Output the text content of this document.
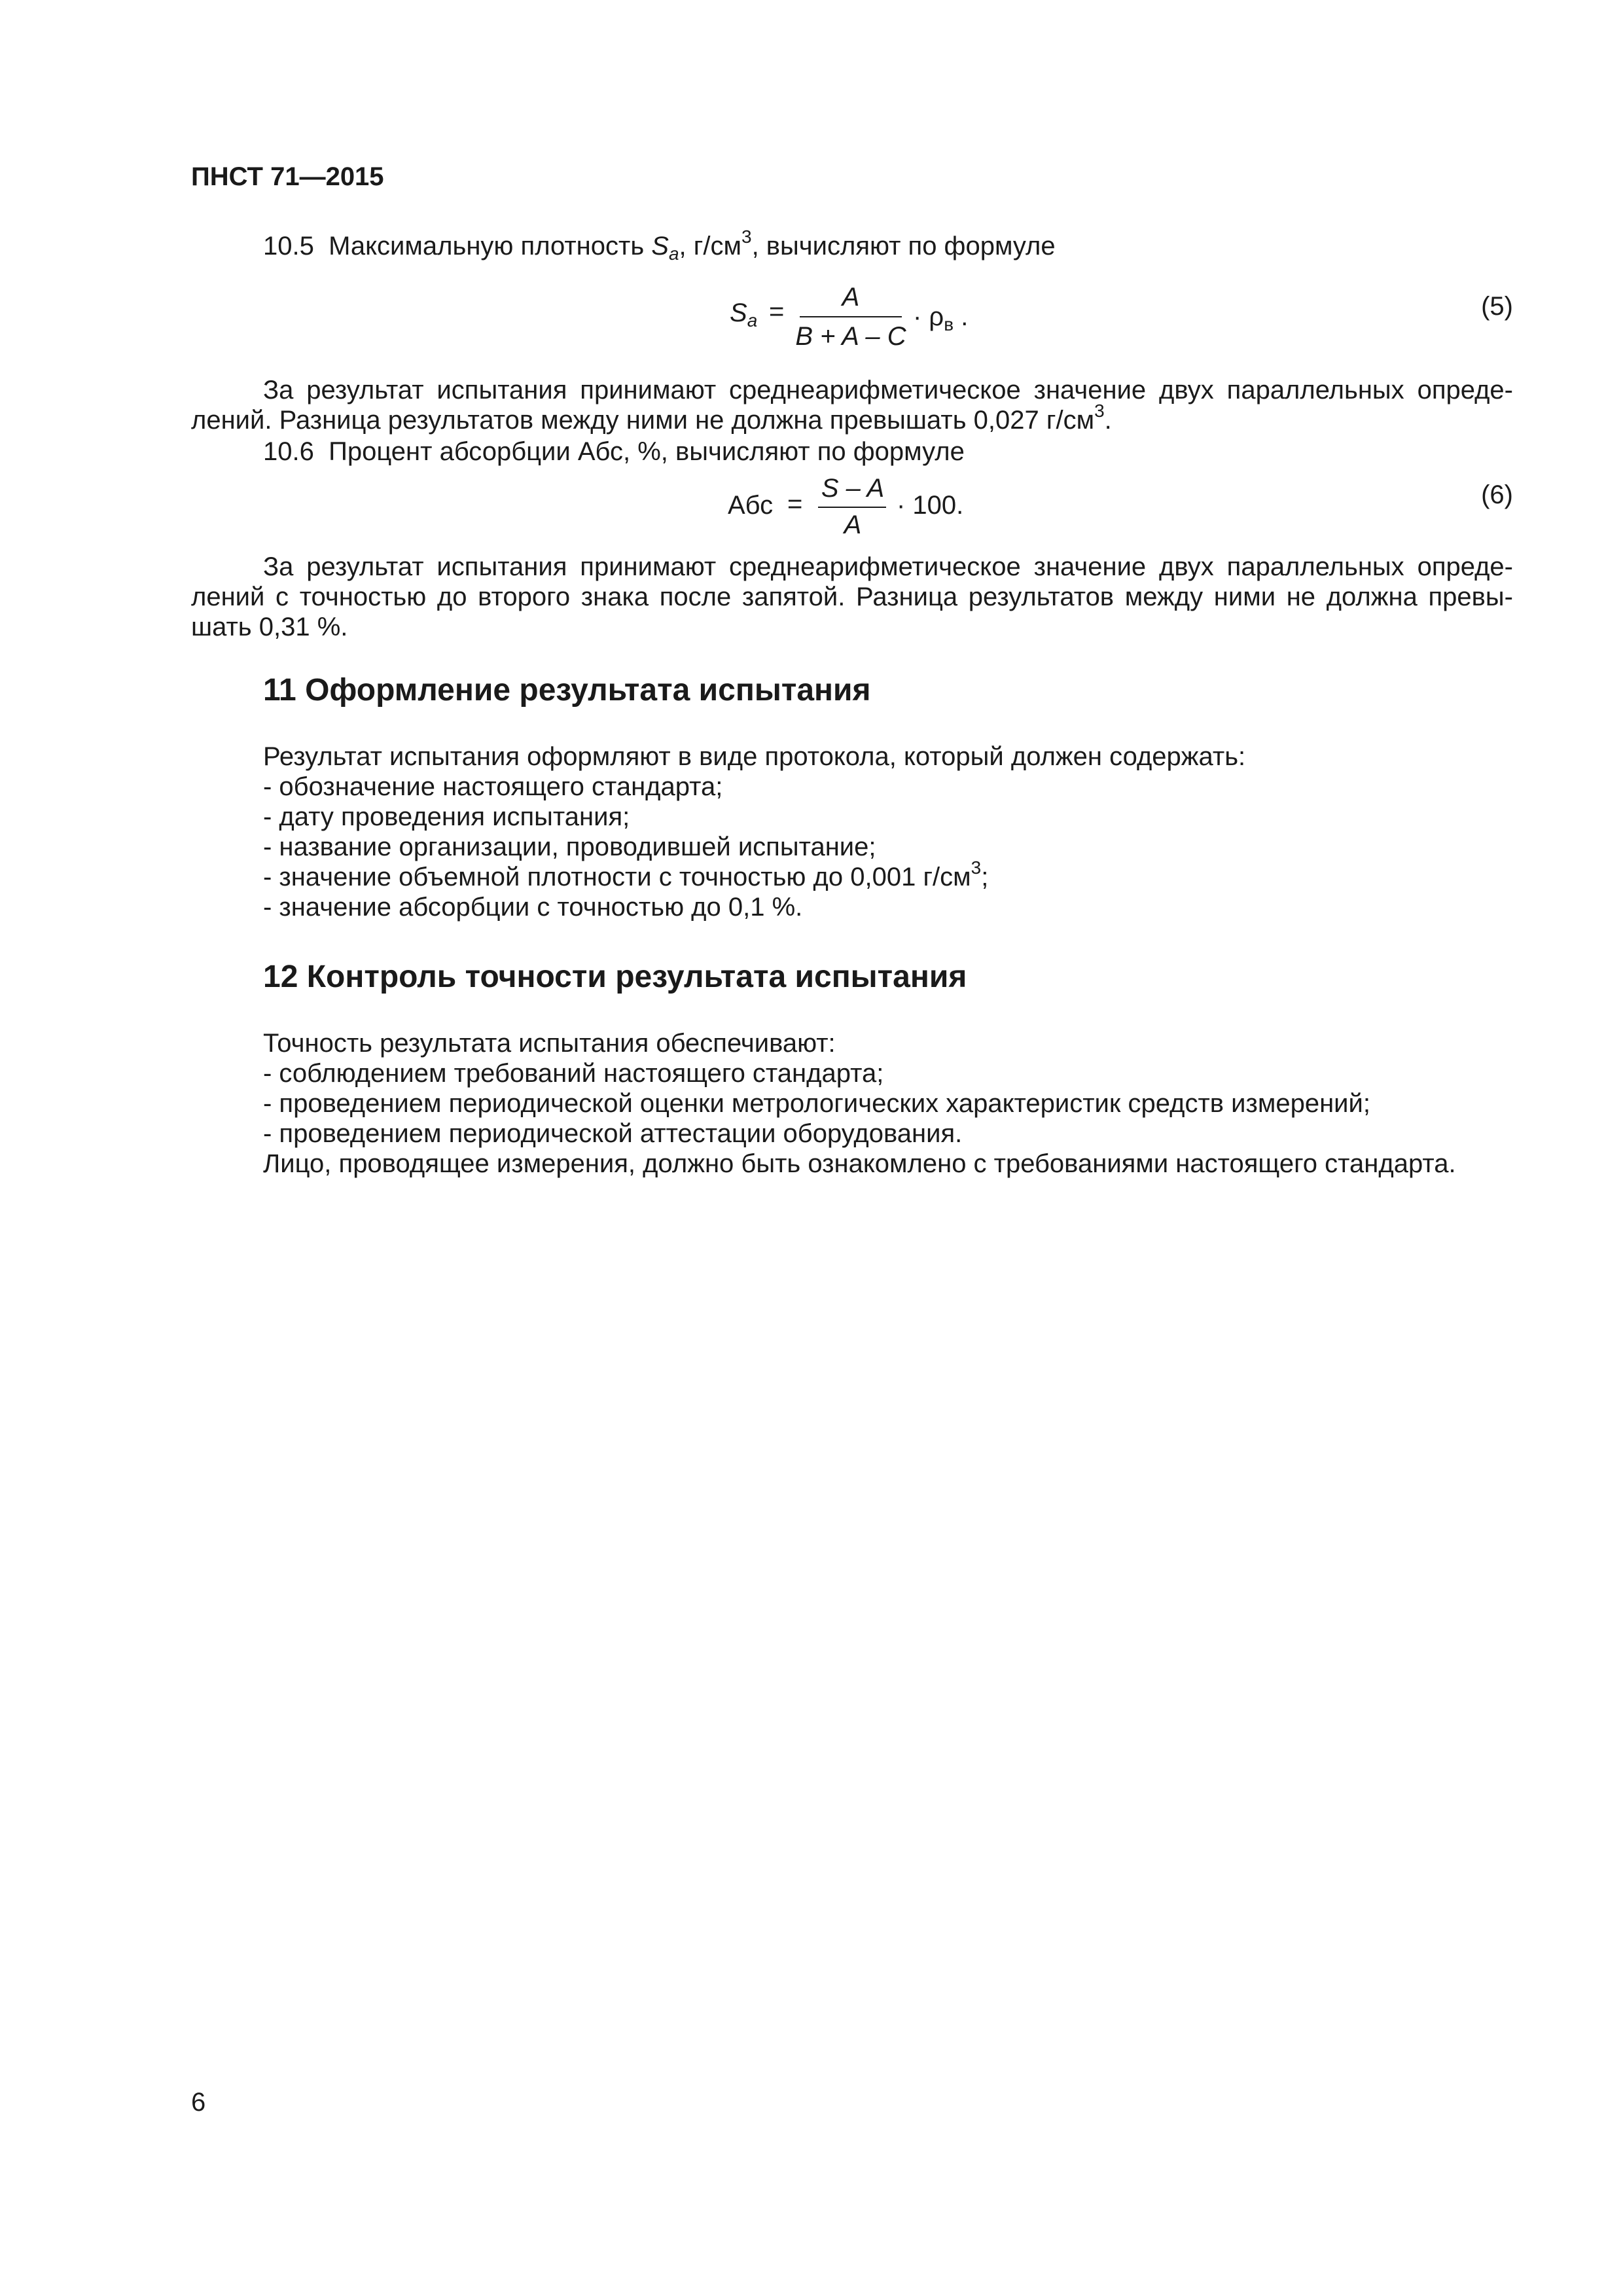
ПНСТ 71—2015
10.5 Максимальную плотность $S_a$, $г/см^3$, вычисляют по формуле
$S_a$ =	A
B + A – C
· $\rho_в$ .	(5)
За результат испытания принимают среднеарифметическое значение двух параллельных опреде-
лений. Разница результатов между ними не должна превышать 0,027 $г/см^3$.
10.6 Процент абсорбции Абс, %, вычисляют по формуле
Абс =
S – A
A
· 100.	(6)
За результат испытания принимают среднеарифметическое значение двух параллельных опреде-
лений с точностью до второго знака после запятой. Разница результатов между ними не должна превы-
шать 0,31 %.
11 Оформление результата испытания
Результат испытания оформляют в виде протокола, который должен содержать:
- обозначение настоящего стандарта;
- дату проведения испытания;
- название организации, проводившей испытание;
- значение объемной плотности с точностью до 0,001 $г/см^3$;
- значение абсорбции с точностью до 0,1 %.
12 Контроль точности результата испытания
Точность результата испытания обеспечивают:
- соблюдением требований настоящего стандарта;
- проведением периодической оценки метрологических характеристик средств измерений;
- проведением периодической аттестации оборудования.
Лицо, проводящее измерения, должно быть ознакомлено с требованиями настоящего стандарта.
6
